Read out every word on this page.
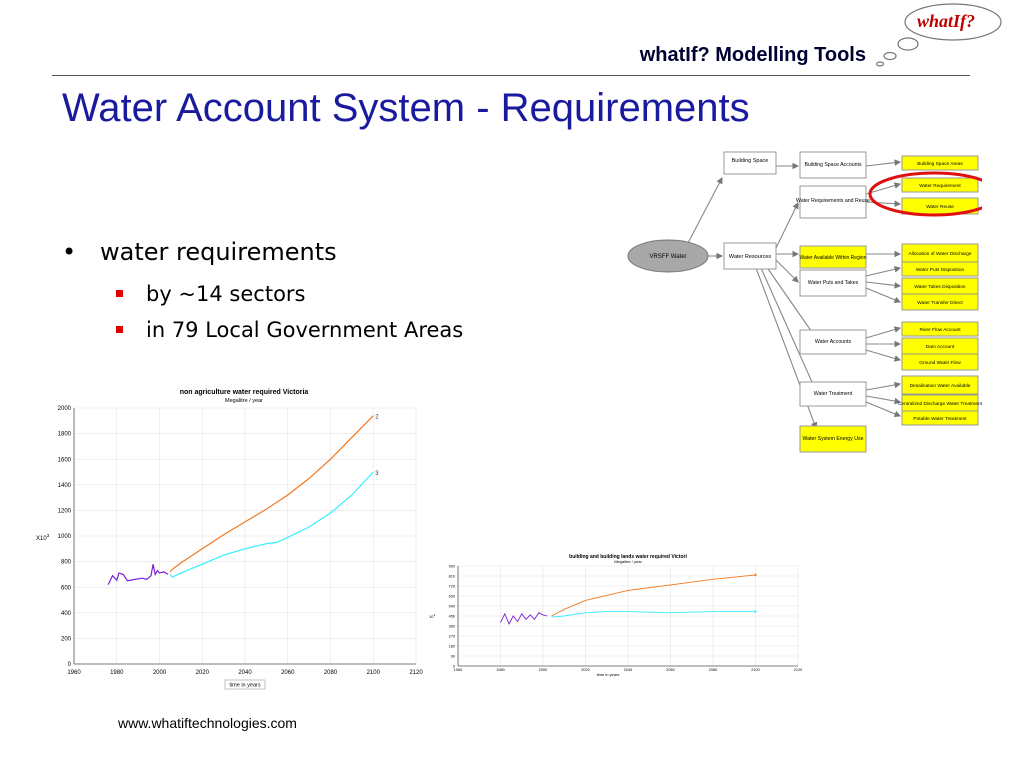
whatIf? Modelling Tools
whatIf?
Water Account System - Requirements
• water requirements
by ~14 sectors
in 79 Local Government Areas
VRSFF Water
Building Space
Water Resources
Building Space Accounts
Water Requirements and Reuse
Water Available Within Region
Water Puts and Takes
Water Accounts
Water Treatment
Water System Energy Use
Building Space Areas
Water Requirement
Water Reuse
Allocation of Water Discharge
Water Puts Disposition
Water Takes Disposition
Water Transfer Direct
River Flow Account
Dam Account
Ground Water Flow
Desalination Water Available
Centralized Discharge Water Treatment
Potable Water Treatment
non agriculture water required Victoria
Megalitre / year
1960	1980	2000	2020	2040	2060	2080	2100	2120
0
200
400
600
800
1000
1200
1400
1600
1800
2000
2
3
$X10^3$
time in years
building and building lands water required Victori
Megalitre / year
1960	1980	2000	2020	2040	2060	2080	2100	2120
0
90
180
270
360
450
540
630
720
810
900
$10^3$
time in years
www.whatiftechnologies.com
